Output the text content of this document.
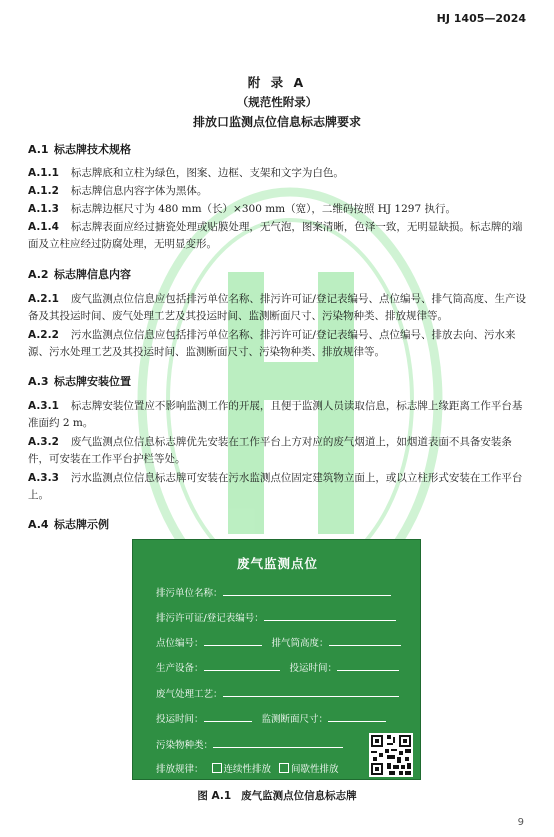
HJ 1405—2024
附 录 A
（规范性附录）
排放口监测点位信息标志牌要求
A.1 标志牌技术规格
A.1.1 标志牌底和立柱为绿色，图案、边框、支架和文字为白色。
A.1.2 标志牌信息内容字体为黑体。
A.1.3 标志牌边框尺寸为 480 mm（长）×300 mm（宽），二维码按照 HJ 1297 执行。
A.1.4 标志牌表面应经过搪瓷处理或贴膜处理，无气泡，图案清晰，色泽一致，无明显缺损。标志牌的端面及立柱应经过防腐处理，无明显变形。
A.2 标志牌信息内容
A.2.1 废气监测点位信息应包括排污单位名称、排污许可证/登记表编号、点位编号、排气筒高度、生产设备及其投运时间、废气处理工艺及其投运时间、监测断面尺寸、污染物种类、排放规律等。
A.2.2 污水监测点位信息应包括排污单位名称、排污许可证/登记表编号、点位编号、排放去向、污水来源、污水处理工艺及其投运时间、监测断面尺寸、污染物种类、排放规律等。
A.3 标志牌安装位置
A.3.1 标志牌安装位置应不影响监测工作的开展，且便于监测人员读取信息，标志牌上缘距离工作平台基准面约 2 m。
A.3.2 废气监测点位信息标志牌优先安装在工作平台上方对应的废气烟道上，如烟道表面不具备安装条件，可安装在工作平台护栏等处。
A.3.3 污水监测点位信息标志牌可安装在污水监测点位固定建筑物立面上，或以立柱形式安装在工作平台上。
A.4 标志牌示例
废气监测点位
排污单位名称：
排污许可证/登记表编号：
点位编号：	排气筒高度：
生产设备：	投运时间：
废气处理工艺：
投运时间：	监测断面尺寸：
污染物种类：
排放规律： 连续性排放 间歇性排放
图 A.1 废气监测点位信息标志牌
9
